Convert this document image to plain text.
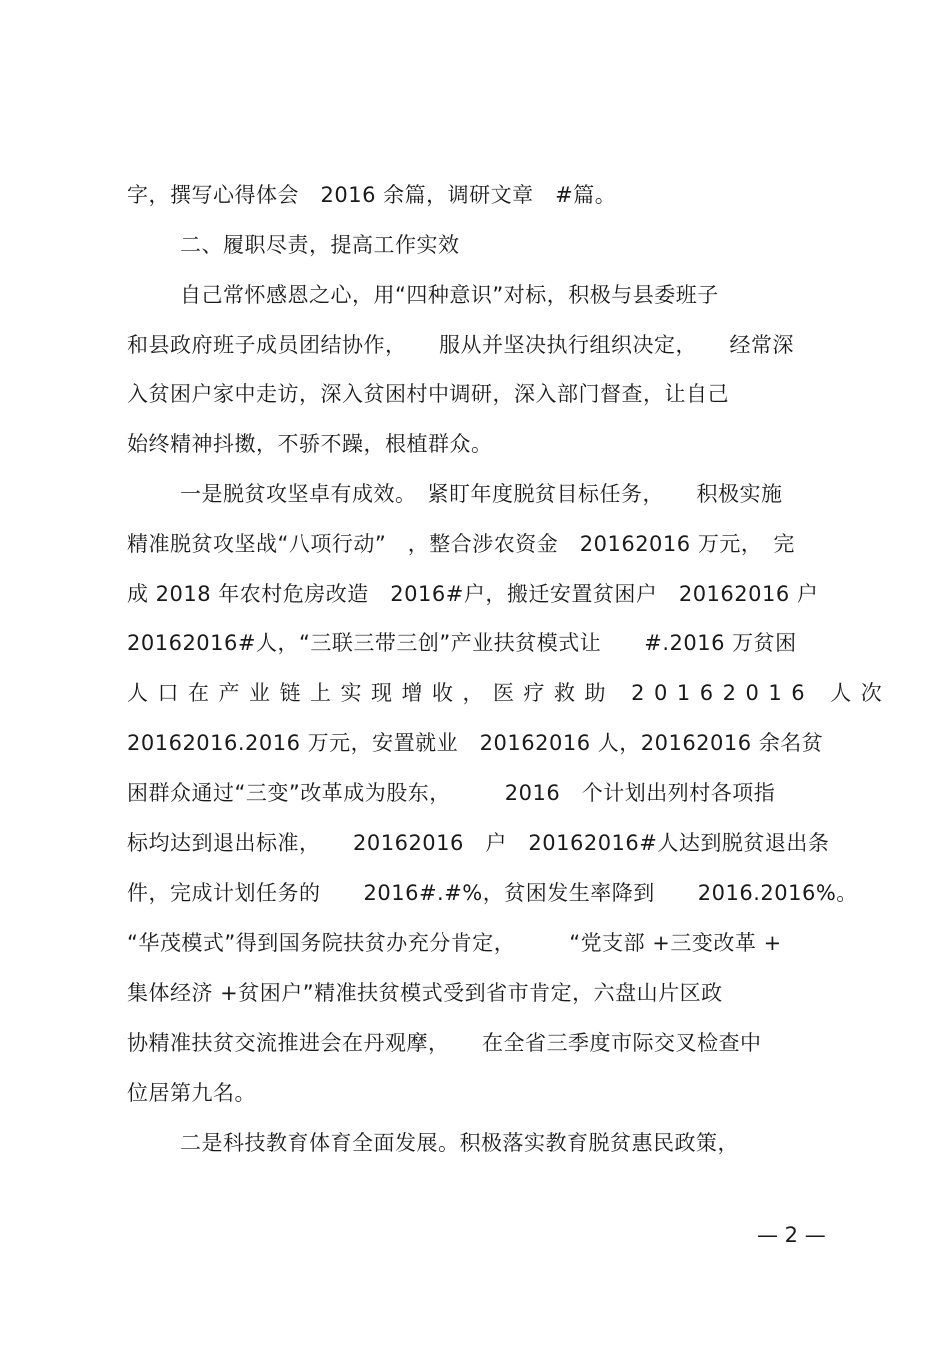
字，撰写心得体会　2016 余篇，调研文章　#篇。
二、履职尽责，提高工作实效
自己常怀感恩之心，用“四种意识”对标，积极与县委班子
和县政府班子成员团结协作，　　服从并坚决执行组织决定，　　经常深
入贫困户家中走访，深入贫困村中调研，深入部门督查，让自己
始终精神抖擞，不骄不躁，根植群众。
一是脱贫攻坚卓有成效。　紧盯年度脱贫目标任务，　　积极实施
精准脱贫攻坚战“八项行动”　，整合涉农资金　20162016 万元，　完
成 2018 年农村危房改造　2016#户，搬迁安置贫困户　20162016 户
20162016#人，“三联三带三创”产业扶贫模式让　　#.2016 万贫困
人口在产业链上实现增收，医疗救助 20162016 人次
20162016.2016 万元，安置就业　20162016 人，20162016 余名贫
困群众通过“三变”改革成为股东，　　　2016　个计划出列村各项指
标均达到退出标准，　　20162016　户　20162016#人达到脱贫退出条
件，完成计划任务的　　2016#.#%，贫困发生率降到　　2016.2016%。
“华茂模式”得到国务院扶贫办充分肯定，　　　“党支部 +三变改革 +
集体经济 +贫困户”精准扶贫模式受到省市肯定，六盘山片区政
协精准扶贫交流推进会在丹观摩，　　在全省三季度市际交叉检查中
位居第九名。
二是科技教育体育全面发展。积极落实教育脱贫惠民政策，
— 2 —
